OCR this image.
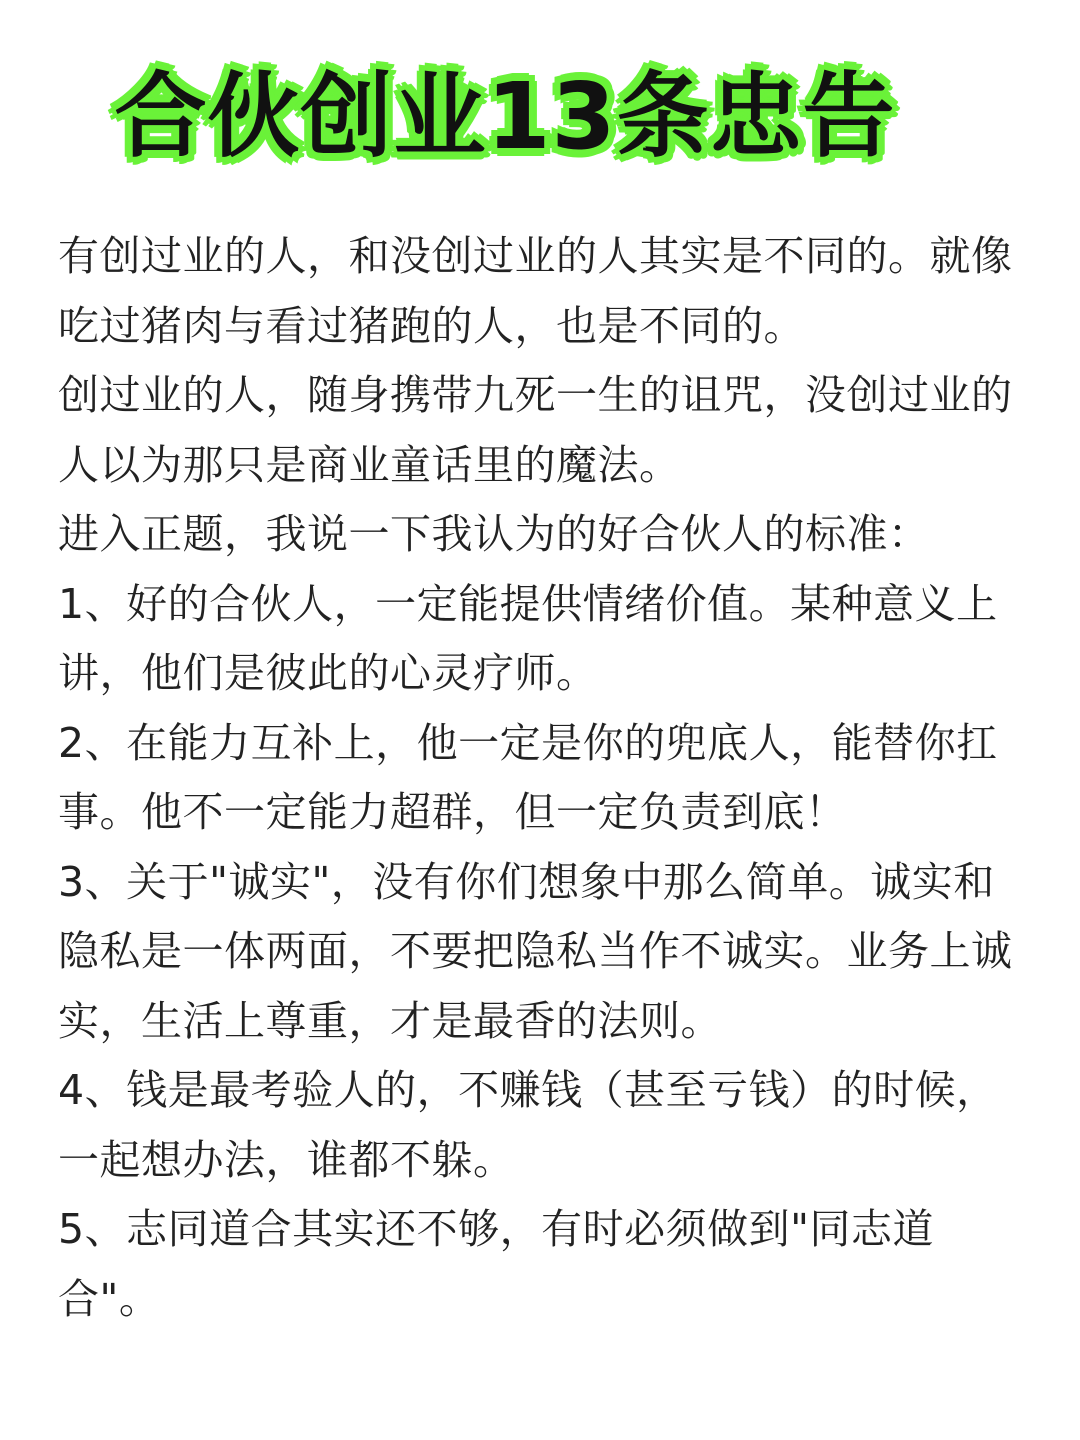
合伙创业13条忠告

有创过业的人，和没创过业的人其实是不同的。就像吃过猪肉与看过猪跑的人，也是不同的。

创过业的人，随身携带九死一生的诅咒，没创过业的人以为那只是商业童话里的魔法。

进入正题，我说一下我认为的好合伙人的标准：

1、好的合伙人，一定能提供情绪价值。某种意义上讲，他们是彼此的心灵疗师。

2、在能力互补上，他一定是你的兜底人，能替你扛事。他不一定能力超群，但一定负责到底！

3、关于"诚实"，没有你们想象中那么简单。诚实和隐私是一体两面，不要把隐私当作不诚实。业务上诚实，生活上尊重，才是最香的法则。

4、钱是最考验人的，不赚钱（甚至亏钱）的时候，一起想办法，谁都不躲。

5、志同道合其实还不够，有时必须做到"同志道合"。
